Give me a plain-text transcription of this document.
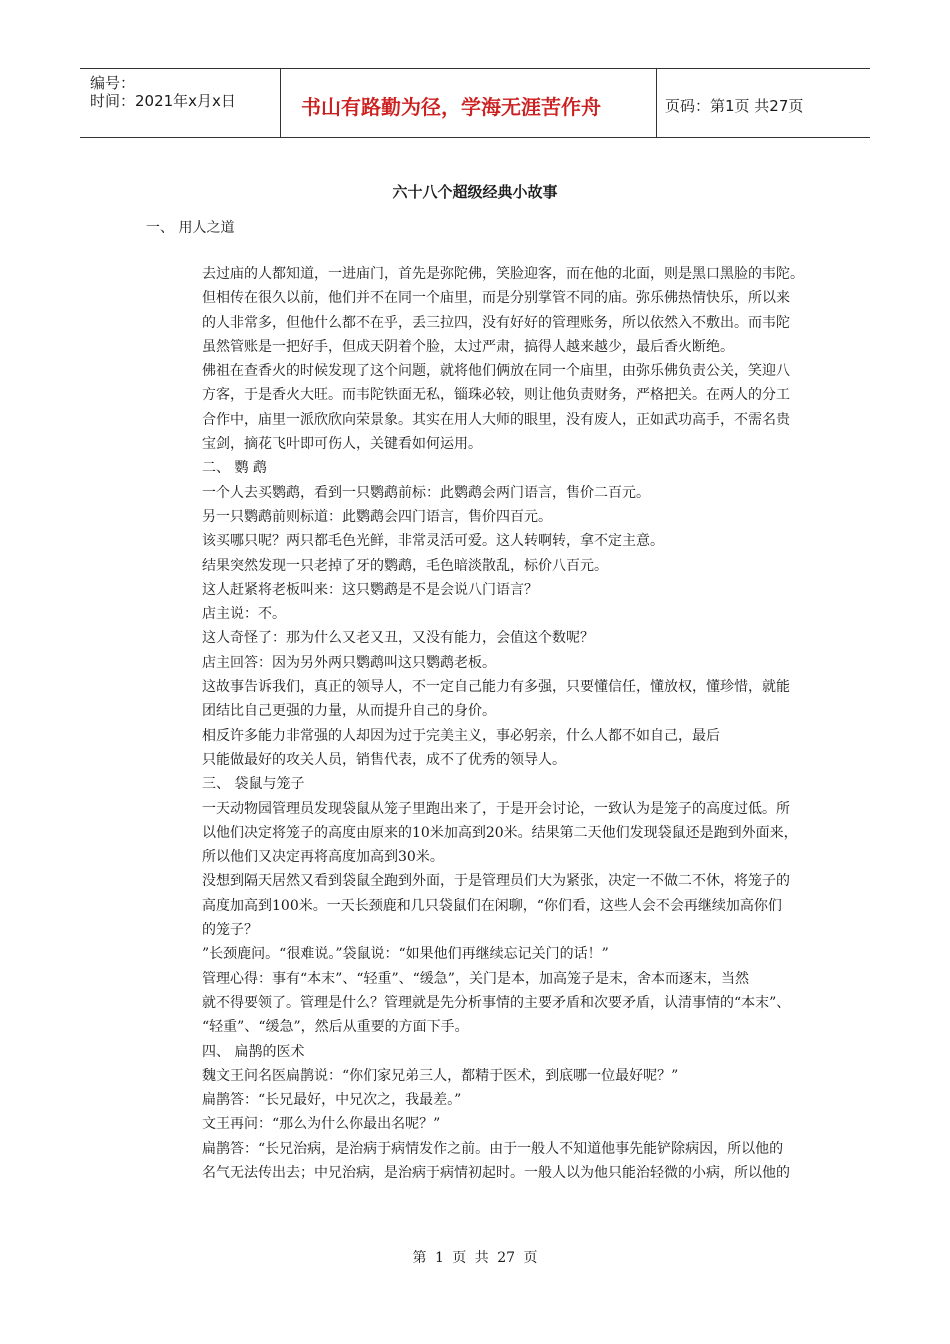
编号：
时间：2021年x月x日	书山有路勤为径，学海无涯苦作舟	页码：第1页 共27页
六十八个超级经典小故事
一、 用人之道
去过庙的人都知道，一进庙门，首先是弥陀佛，笑脸迎客，而在他的北面，则是黑口黑脸的韦陀。
但相传在很久以前，他们并不在同一个庙里，而是分别掌管不同的庙。弥乐佛热情快乐，所以来
的人非常多，但他什么都不在乎，丢三拉四，没有好好的管理账务，所以依然入不敷出。而韦陀
虽然管账是一把好手，但成天阴着个脸，太过严肃，搞得人越来越少，最后香火断绝。
佛祖在查香火的时候发现了这个问题，就将他们俩放在同一个庙里，由弥乐佛负责公关，笑迎八
方客，于是香火大旺。而韦陀铁面无私，锱珠必较，则让他负责财务，严格把关。在两人的分工
合作中，庙里一派欣欣向荣景象。其实在用人大师的眼里，没有废人，正如武功高手，不需名贵
宝剑，摘花飞叶即可伤人，关键看如何运用。
二、 鹦 鹉
一个人去买鹦鹉，看到一只鹦鹉前标：此鹦鹉会两门语言，售价二百元。
另一只鹦鹉前则标道：此鹦鹉会四门语言，售价四百元。
该买哪只呢？两只都毛色光鲜，非常灵活可爱。这人转啊转，拿不定主意。
结果突然发现一只老掉了牙的鹦鹉，毛色暗淡散乱，标价八百元。
这人赶紧将老板叫来：这只鹦鹉是不是会说八门语言？
店主说：不。
这人奇怪了：那为什么又老又丑，又没有能力，会值这个数呢？
店主回答：因为另外两只鹦鹉叫这只鹦鹉老板。
这故事告诉我们，真正的领导人，不一定自己能力有多强，只要懂信任，懂放权，懂珍惜，就能
团结比自己更强的力量，从而提升自己的身价。
相反许多能力非常强的人却因为过于完美主义，事必躬亲，什么人都不如自己，最后
只能做最好的攻关人员，销售代表，成不了优秀的领导人。
三、 袋鼠与笼子
一天动物园管理员发现袋鼠从笼子里跑出来了，于是开会讨论，一致认为是笼子的高度过低。所
以他们决定将笼子的高度由原来的10米加高到20米。结果第二天他们发现袋鼠还是跑到外面来，
所以他们又决定再将高度加高到30米。
没想到隔天居然又看到袋鼠全跑到外面，于是管理员们大为紧张，决定一不做二不休，将笼子的
高度加高到100米。一天长颈鹿和几只袋鼠们在闲聊，“你们看，这些人会不会再继续加高你们
的笼子？
”长颈鹿问。“很难说。”袋鼠说：“如果他们再继续忘记关门的话！”
管理心得：事有“本末”、“轻重”、“缓急”，关门是本，加高笼子是末，舍本而逐末，当然
就不得要领了。管理是什么？管理就是先分析事情的主要矛盾和次要矛盾，认清事情的“本末”、
“轻重”、“缓急”，然后从重要的方面下手。
四、 扁鹊的医术
魏文王问名医扁鹊说：“你们家兄弟三人，都精于医术，到底哪一位最好呢？”
扁鹊答：“长兄最好，中兄次之，我最差。”
文王再问：“那么为什么你最出名呢？”
扁鹊答：“长兄治病，是治病于病情发作之前。由于一般人不知道他事先能铲除病因，所以他的
名气无法传出去；中兄治病，是治病于病情初起时。一般人以为他只能治轻微的小病，所以他的
第 1 页 共 27 页
